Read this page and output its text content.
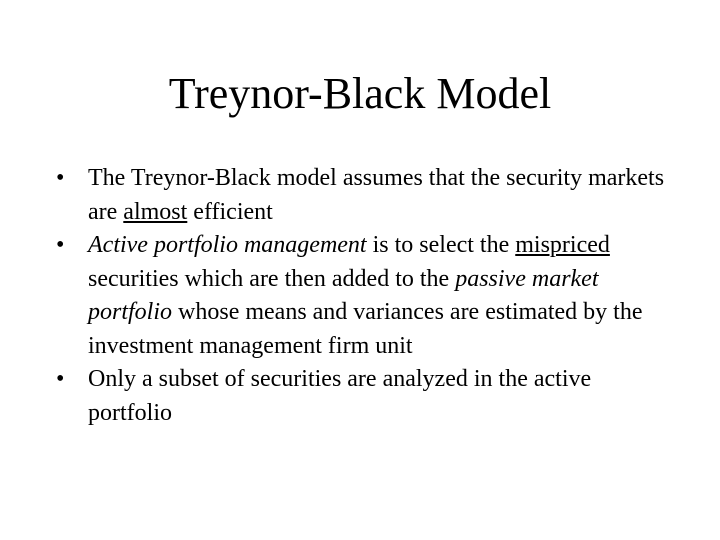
Treynor-Black Model
• The Treynor-Black model assumes that the security markets are almost efficient
• Active portfolio management is to select the mispriced securities which are then added to the passive market portfolio whose means and variances are estimated by the investment management firm unit
• Only a subset of securities are analyzed in the active portfolio
